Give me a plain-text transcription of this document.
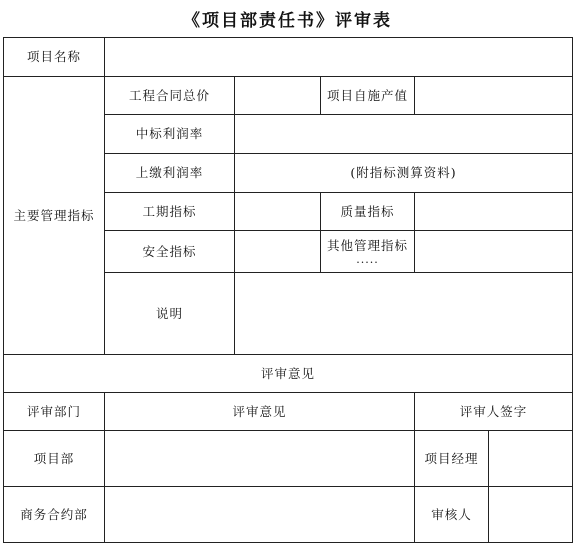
《项目部责任书》评审表
项目名称					
主要管理指标	工程合同总价		项目自施产值		
	中标利润率				
	上缴利润率	(附指标测算资料)			
	工期指标		质量指标		
	安全指标		其他管理指标
.....		

	说明				
评审意见					
评审部门	评审意见			评审人签字	
项目部				项目经理	
商务合约部				审核人	
